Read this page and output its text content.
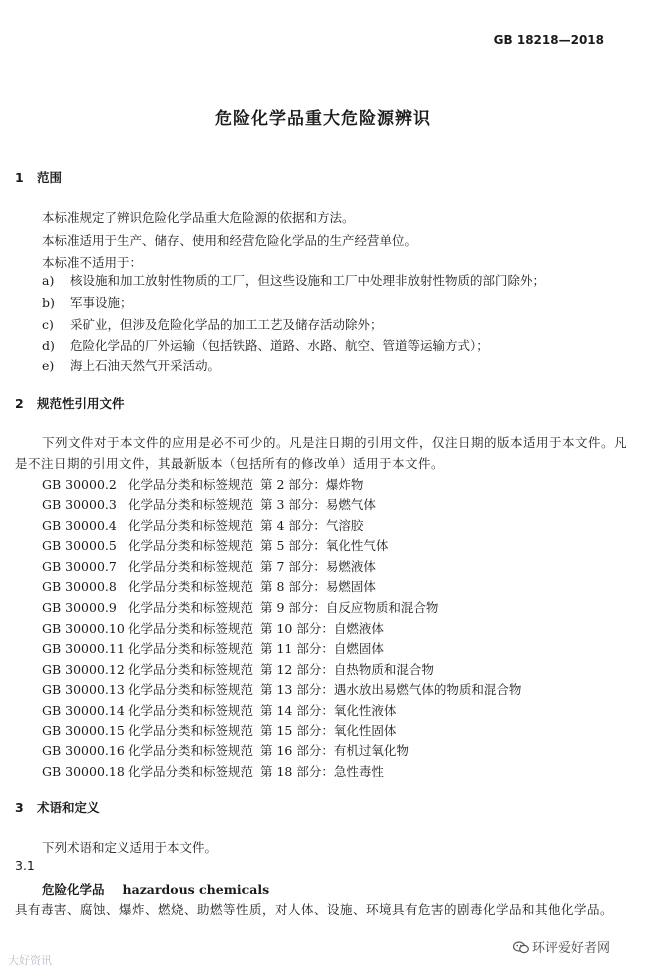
GB 18218—2018
危险化学品重大危险源辨识
1 范围
本标准规定了辨识危险化学品重大危险源的依据和方法。
本标准适用于生产、储存、使用和经营危险化学品的生产经营单位。
本标准不适用于：
a) 核设施和加工放射性物质的工厂，但这些设施和工厂中处理非放射性物质的部门除外；
b) 军事设施；
c) 采矿业，但涉及危险化学品的加工工艺及储存活动除外；
d) 危险化学品的厂外运输（包括铁路、道路、水路、航空、管道等运输方式）；
e) 海上石油天然气开采活动。
2 规范性引用文件
下列文件对于本文件的应用是必不可少的。凡是注日期的引用文件，仅注日期的版本适用于本文件。凡是不注日期的引用文件，其最新版本（包括所有的修改单）适用于本文件。
GB 30000.2 化学品分类和标签规范 第 2 部分：爆炸物
GB 30000.3 化学品分类和标签规范 第 3 部分：易燃气体
GB 30000.4 化学品分类和标签规范 第 4 部分：气溶胶
GB 30000.5 化学品分类和标签规范 第 5 部分：氧化性气体
GB 30000.7 化学品分类和标签规范 第 7 部分：易燃液体
GB 30000.8 化学品分类和标签规范 第 8 部分：易燃固体
GB 30000.9 化学品分类和标签规范 第 9 部分：自反应物质和混合物
GB 30000.10 化学品分类和标签规范 第 10 部分：自燃液体
GB 30000.11 化学品分类和标签规范 第 11 部分：自燃固体
GB 30000.12 化学品分类和标签规范 第 12 部分：自热物质和混合物
GB 30000.13 化学品分类和标签规范 第 13 部分：遇水放出易燃气体的物质和混合物
GB 30000.14 化学品分类和标签规范 第 14 部分：氧化性液体
GB 30000.15 化学品分类和标签规范 第 15 部分：氧化性固体
GB 30000.16 化学品分类和标签规范 第 16 部分：有机过氧化物
GB 30000.18 化学品分类和标签规范 第 18 部分：急性毒性
3 术语和定义
下列术语和定义适用于本文件。
3.1
危险化学品 hazardous chemicals
具有毒害、腐蚀、爆炸、燃烧、助燃等性质，对人体、设施、环境具有危害的剧毒化学品和其他化学品。
大好资讯
环评爱好者网
